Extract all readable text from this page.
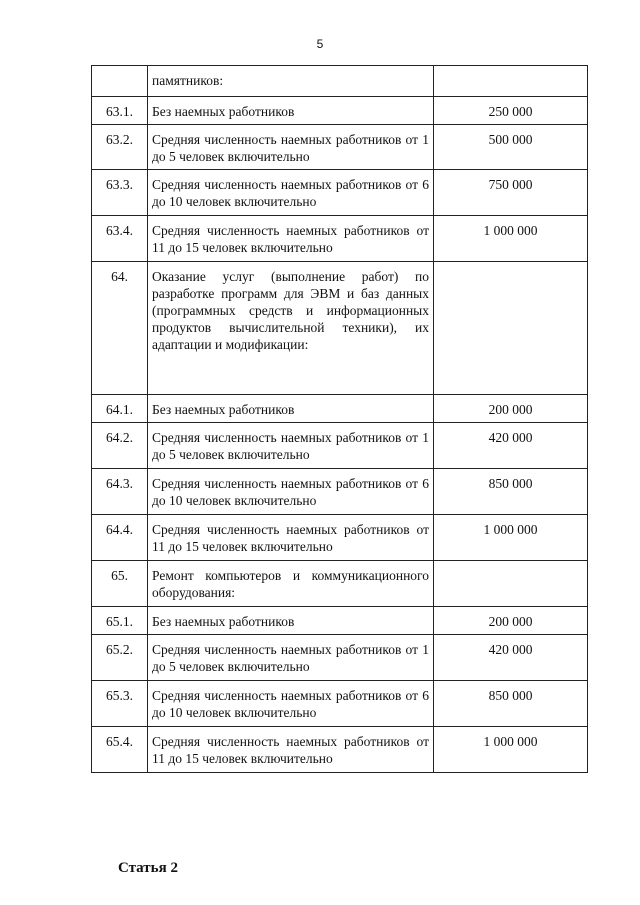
5
	памятников:	
63.1.	Без наемных работников	250 000
63.2.	Средняя численность наемных работников от 1 до 5 человек включительно	500 000
63.3.	Средняя численность наемных работников от 6 до 10 человек включительно	750 000
63.4.	Средняя численность наемных работников от 11 до 15 человек включительно	1 000 000
64.	Оказание услуг (выполнение работ) по разработке программ для ЭВМ и баз данных (программных средств и информационных продуктов вычислительной техники), их адаптации и модификации:	
64.1.	Без наемных работников	200 000
64.2.	Средняя численность наемных работников от 1 до 5 человек включительно	420 000
64.3.	Средняя численность наемных работников от 6 до 10 человек включительно	850 000
64.4.	Средняя численность наемных работников от 11 до 15 человек включительно	1 000 000
65.	Ремонт компьютеров и коммуникационного оборудования:	
65.1.	Без наемных работников	200 000
65.2.	Средняя численность наемных работников от 1 до 5 человек включительно	420 000
65.3.	Средняя численность наемных работников от 6 до 10 человек включительно	850 000
65.4.	Средняя численность наемных работников от 11 до 15 человек включительно	1 000 000
Статья 2
